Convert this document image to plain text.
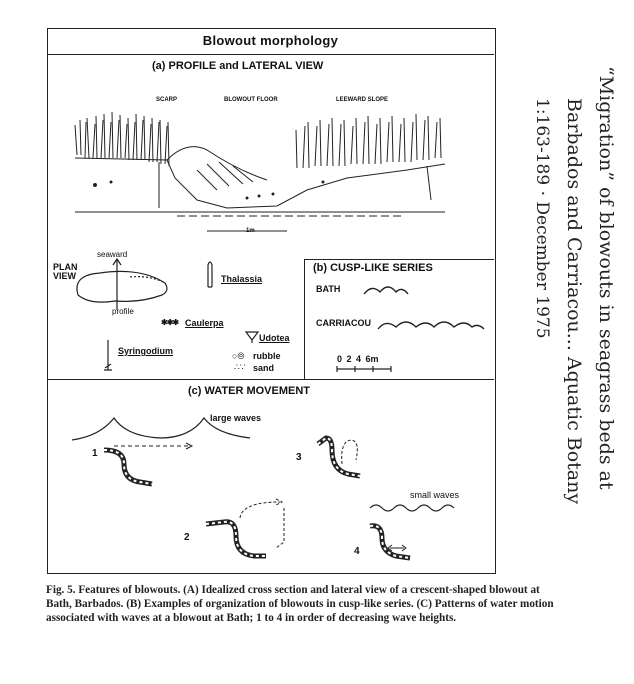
Blowout morphology
(a) PROFILE and LATERAL VIEW
SCARP	BLOWOUT FLOOR	LEEWARD SLOPE
1m
PLAN VIEW
seaward
profile
Thalassia
✱✱✱ Caulerpa
Udotea
Syringodium	○⦾ rubble
∴∵ sand
(b) CUSP-LIKE SERIES
BATH
CARRIACOU
0 2 4 6m
(c) WATER MOVEMENT
large waves
1	3
small waves
2
4
Fig. 5. Features of blowouts. (A) Idealized cross section and lateral view of a crescent-shaped blowout at Bath, Barbados. (B) Examples of organization of blowouts in cusp-like series. (C) Patterns of water motion associated with waves at a blowout at Bath; 1 to 4 in order of decreasing wave heights.
“Migration” of blowouts in seagrass beds at
Barbados and Carriacou... Aquatic Botany
1:163-189 · December 1975
